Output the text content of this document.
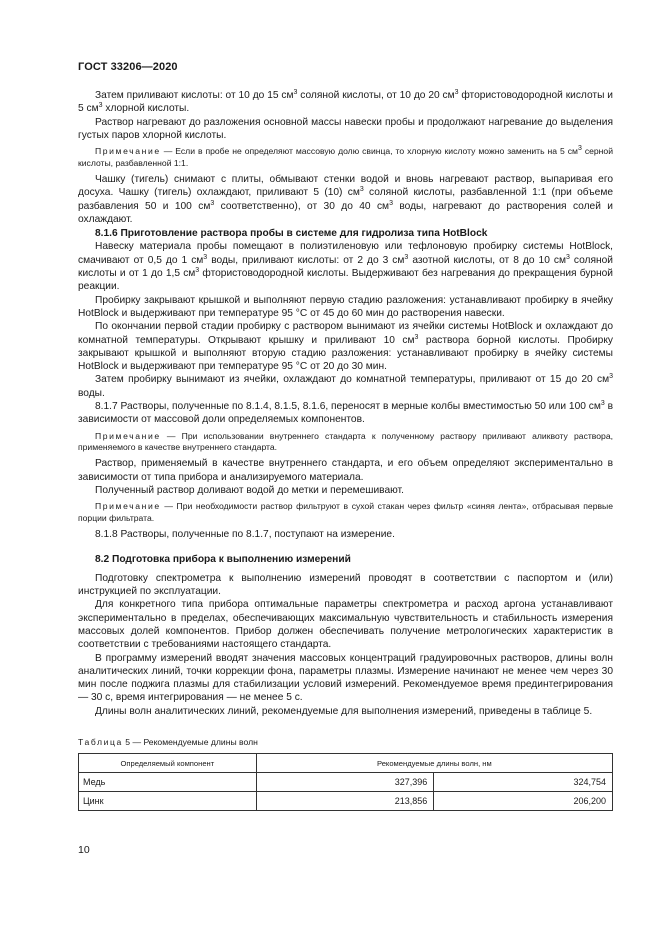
ГОСТ 33206—2020

Затем приливают кислоты: от 10 до 15 $см^3$ соляной кислоты, от 10 до 20 $см^3$ фтористоводородной кислоты и 5 $см^3$ хлорной кислоты.

Раствор нагревают до разложения основной массы навески пробы и продолжают нагревание до выделения густых паров хлорной кислоты.

Примечание — Если в пробе не определяют массовую долю свинца, то хлорную кислоту можно заменить на 5 $см^3$ серной кислоты, разбавленной 1:1.

Чашку (тигель) снимают с плиты, обмывают стенки водой и вновь нагревают раствор, выпаривая его досуха. Чашку (тигель) охлаждают, приливают 5 (10) $см^3$ соляной кислоты, разбавленной 1:1 (при объеме разбавления 50 и 100 $см^3$ соответственно), от 30 до 40 $см^3$ воды, нагревают до растворения солей и охлаждают.

8.1.6 Приготовление раствора пробы в системе для гидролиза типа HotBlock

Навеску материала пробы помещают в полиэтиленовую или тефлоновую пробирку системы HotBlock, смачивают от 0,5 до 1 $см^3$ воды, приливают кислоты: от 2 до 3 $см^3$ азотной кислоты, от 8 до 10 $см^3$ соляной кислоты и от 1 до 1,5 $см^3$ фтористоводородной кислоты. Выдерживают без нагревания до прекращения бурной реакции.

Пробирку закрывают крышкой и выполняют первую стадию разложения: устанавливают пробирку в ячейку HotBlock и выдерживают при температуре 95 °С от 45 до 60 мин до растворения навески.

По окончании первой стадии пробирку с раствором вынимают из ячейки системы HotBlock и охлаждают до комнатной температуры. Открывают крышку и приливают 10 $см^3$ раствора борной кислоты. Пробирку закрывают крышкой и выполняют вторую стадию разложения: устанавливают пробирку в ячейку системы HotBlock и выдерживают при температуре 95 °С от 20 до 30 мин.

Затем пробирку вынимают из ячейки, охлаждают до комнатной температуры, приливают от 15 до 20 $см^3$ воды.

8.1.7 Растворы, полученные по 8.1.4, 8.1.5, 8.1.6, переносят в мерные колбы вместимостью 50 или 100 $см^3$ в зависимости от массовой доли определяемых компонентов.

Примечание — При использовании внутреннего стандарта к полученному раствору приливают аликвоту раствора, применяемого в качестве внутреннего стандарта.

Раствор, применяемый в качестве внутреннего стандарта, и его объем определяют экспериментально в зависимости от типа прибора и анализируемого материала.

Полученный раствор доливают водой до метки и перемешивают.

Примечание — При необходимости раствор фильтруют в сухой стакан через фильтр «синяя лента», отбрасывая первые порции фильтрата.

8.1.8 Растворы, полученные по 8.1.7, поступают на измерение.

8.2 Подготовка прибора к выполнению измерений

Подготовку спектрометра к выполнению измерений проводят в соответствии с паспортом и (или) инструкцией по эксплуатации.

Для конкретного типа прибора оптимальные параметры спектрометра и расход аргона устанавливают экспериментально в пределах, обеспечивающих максимальную чувствительность и стабильность измерения массовых долей компонентов. Прибор должен обеспечивать получение метрологических характеристик в соответствии с требованиями настоящего стандарта.

В программу измерений вводят значения массовых концентраций градуировочных растворов, длины волн аналитических линий, точки коррекции фона, параметры плазмы. Измерение начинают не менее чем через 30 мин после поджига плазмы для стабилизации условий измерений. Рекомендуемое время прединтегрирования — 30 с, время интегрирования — не менее 5 с.

Длины волн аналитических линий, рекомендуемые для выполнения измерений, приведены в таблице 5.

Таблица 5 — Рекомендуемые длины волн

Определяемый компонент	Рекомендуемые длины волн, нм	
Медь	327,396	324,754
Цинк	213,856	206,200
10
